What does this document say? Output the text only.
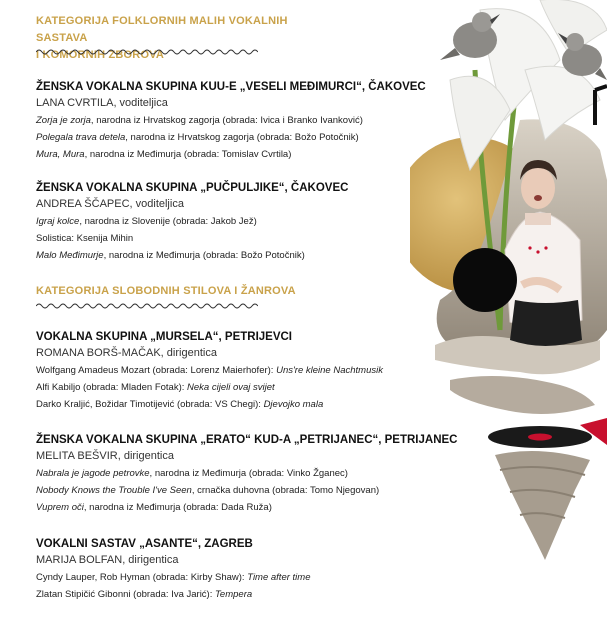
KATEGORIJA FOLKLORNIH MALIH VOKALNIH SASTAVA
I KOMORNIH ZBOROVA
ŽENSKA VOKALNA SKUPINA KUU-E „VESELI MEĐIMURCI“, ČAKOVEC
LANA CVRTILA, voditeljica
Zorja je zorja, narodna iz Hrvatskog zagorja (obrada: Ivica i Branko Ivanković)
Polegala trava detela, narodna iz Hrvatskog zagorja (obrada: Božo Potočnik)
Mura, Mura, narodna iz Međimurja (obrada: Tomislav Cvrtila)
ŽENSKA VOKALNA SKUPINA „PUČPULJIKE“, ČAKOVEC
ANDREA ŠČAPEC, voditeljica
Igraj kolce, narodna iz Slovenije (obrada: Jakob Jež)
Solistica: Ksenija Mihin
Malo Međimurje, narodna iz Međimurja (obrada: Božo Potočnik)
KATEGORIJA SLOBODNIH STILOVA I ŽANROVA
VOKALNA SKUPINA „MURSELA“, PETRIJEVCI
ROMANA BORŠ-MAČAK, dirigentica
Wolfgang Amadeus Mozart (obrada: Lorenz Maierhofer): Uns're kleine Nachtmusik
Alfi Kabiljo (obrada: Mladen Fotak): Neka cijeli ovaj svijet
Darko Kraljić, Božidar Timotijević (obrada: VS Chegi): Djevojko mala
ŽENSKA VOKALNA SKUPINA „ERATO“ KUD-A „PETRIJANEC“, PETRIJANEC
MELITA BEŠVIR, dirigentica
Nabrala je jagode petrovke, narodna iz Međimurja (obrada: Vinko Žganec)
Nobody Knows the Trouble I've Seen, crnačka duhovna (obrada: Tomo Njegovan)
Vuprem oči, narodna iz Međimurja (obrada: Dada Ruža)
VOKALNI SASTAV „ASANTE“, ZAGREB
MARIJA BOLFAN, dirigentica
Cyndy Lauper, Rob Hyman (obrada: Kirby Shaw): Time after time
Zlatan Stipičić Gibonni (obrada: Iva Jarić): Tempera
